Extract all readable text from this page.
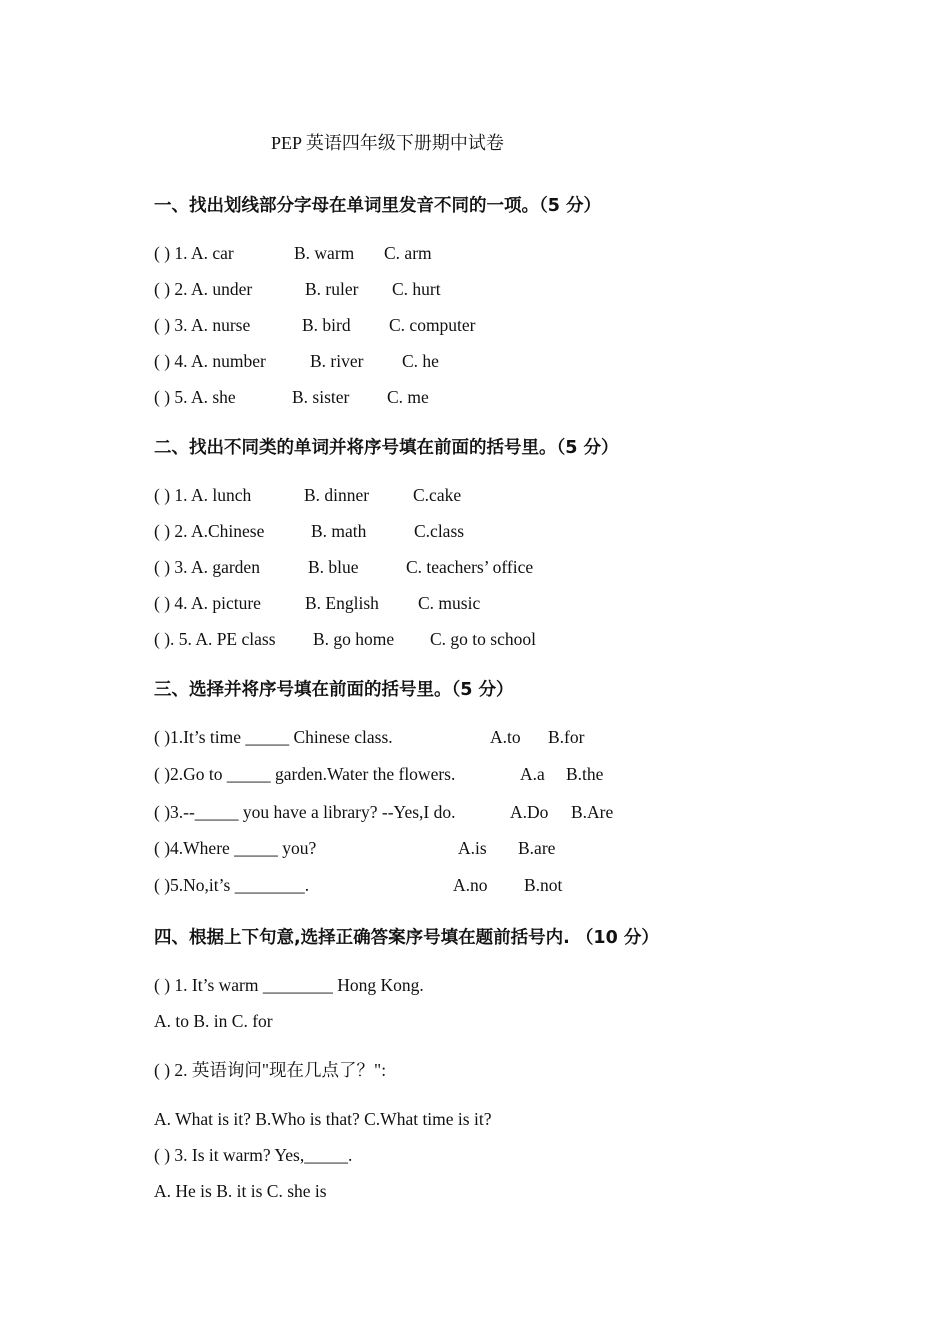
PEP 英语四年级下册期中试卷
一、找出划线部分字母在单词里发音不同的一项。（5 分）
( ) 1. A. car	B. warm C. arm
( ) 2. A. under	B. ruler C. hurt
( ) 3. A. nurse	B. bird C. computer
( ) 4. A. number	B. river C. he
( ) 5. A. she	B. sister C. me
二、找出不同类的单词并将序号填在前面的括号里。（5 分）
( ) 1. A. lunch	B. dinner	C.cake
( ) 2. A.Chinese	B. math	C.class
( ) 3. A. garden	B. blue	C. teachers’ office
( ) 4. A. picture	B. English C. music
( ). 5. A. PE class B. go home C. go to school
三、选择并将序号填在前面的括号里。（5 分）
( )1.It’s time _____ Chinese class.	A.to B.for
( )2.Go to _____ garden.Water the flowers.	A.a B.the
( )3.--_____ you have a library? --Yes,I do.	A.Do B.Are
( )4.Where _____ you?	A.is B.are
( )5.No,it’s ________.	A.no B.not
四、根据上下句意,选择正确答案序号填在题前括号内. （10 分）
( ) 1. It’s warm ________ Hong Kong.
A. to B. in C. for
( ) 2. 英语询问"现在几点了？":
A. What is it? B.Who is that? C.What time is it?
( ) 3. Is it warm? Yes,_____.
A. He is B. it is C. she is
